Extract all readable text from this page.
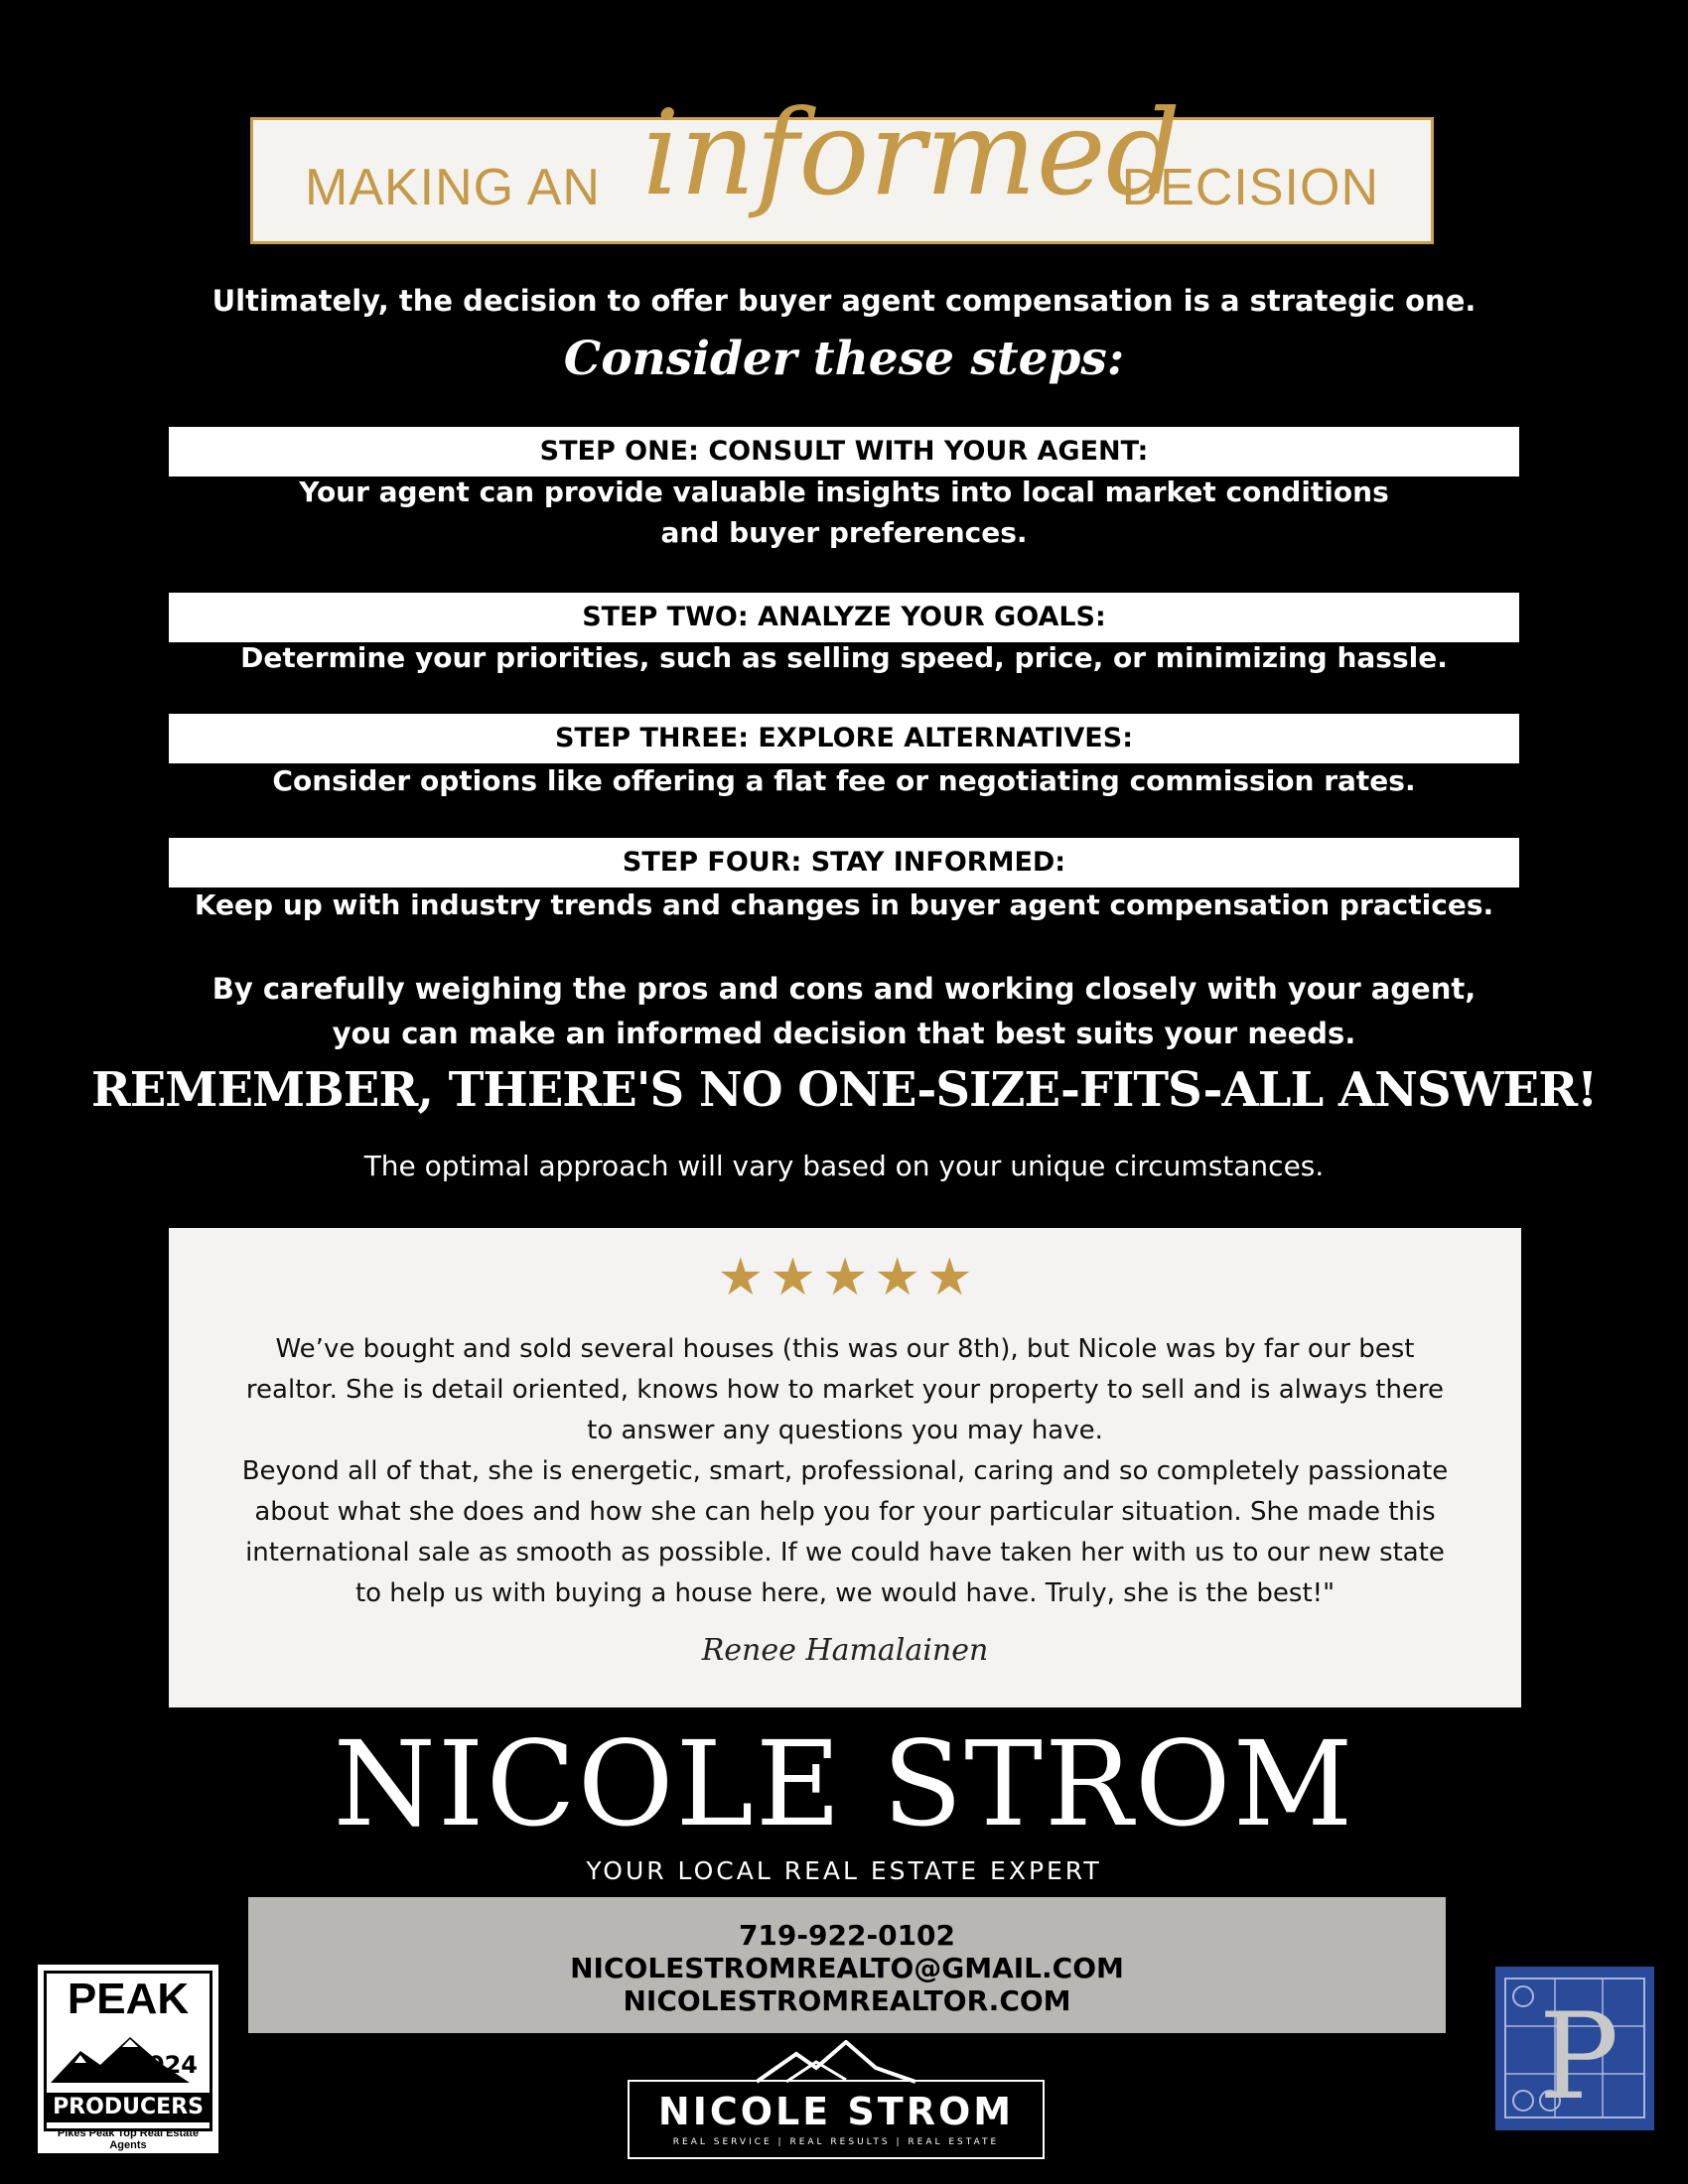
MAKING AN informed
DECISION
Ultimately, the decision to offer buyer agent compensation is a strategic one.
Consider these steps:
STEP ONE: CONSULT WITH YOUR AGENT:
Your agent can provide valuable insights into local market conditions
and buyer preferences.
STEP TWO: ANALYZE YOUR GOALS:
Determine your priorities, such as selling speed, price, or minimizing hassle.
STEP THREE: EXPLORE ALTERNATIVES:
Consider options like offering a flat fee or negotiating commission rates.
STEP FOUR: STAY INFORMED:
Keep up with industry trends and changes in buyer agent compensation practices.
By carefully weighing the pros and cons and working closely with your agent,
you can make an informed decision that best suits your needs.
REMEMBER, THERE'S NO ONE-SIZE-FITS-ALL ANSWER!
The optimal approach will vary based on your unique circumstances.
★ ★ ★ ★ ★

We’ve bought and sold several houses (this was our 8th), but Nicole was by far our best

realtor. She is detail oriented, knows how to market your property to sell and is always there

to answer any questions you may have.

Beyond all of that, she is energetic, smart, professional, caring and so completely passionate

about what she does and how she can help you for your particular situation. She made this

international sale as smooth as possible. If we could have taken her with us to our new state

to help us with buying a house here, we would have. Truly, she is the best!"

Renee Hamalainen
NICOLE STROM
YOUR LOCAL REAL ESTATE EXPERT
719-922-0102
NICOLESTROMREALTO@GMAIL.COM
NICOLESTROMREALTOR.COM
PEAK
2024
PRODUCERS
Pikes Peak Top Real Estate Agents
NICOLE STROM
REAL SERVICE | REAL RESULTS | REAL ESTATE
P
